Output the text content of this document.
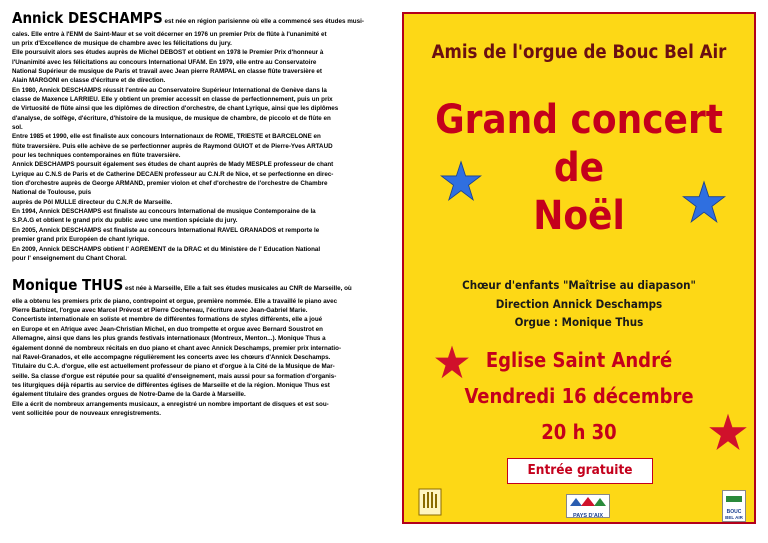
Annick DESCHAMPS est née en région parisienne où elle a commencé ses études musi-

cales. Elle entre à l'ENM de Saint-Maur et se voit décerner en 1976 un premier Prix de flûte à l'unanimité et
un prix d'Excellence de musique de chambre avec les félicitations du jury.
Elle poursuivit alors ses études auprès de Michel DEBOST et obtient en 1978 le Premier Prix d'honneur à
l'Unanimité avec les félicitations au concours International UFAM. En 1979, elle entre au Conservatoire
National Supérieur de musique de Paris et travail avec Jean pierre RAMPAL en classe flûte traversière et
Alain MARGONI en classe d'écriture et de direction.
En 1980, Annick DESCHAMPS réussit l'entrée au Conservatoire Supérieur International de Genève dans la
classe de Maxence LARRIEU. Elle y obtient un premier accessit en classe de perfectionnement, puis un prix
de Virtuosité de flûte ainsi que les diplômes de direction d'orchestre, de chant Lyrique, ainsi que les diplômes
d'analyse, de solfège, d'écriture, d'histoire de la musique, de musique de chambre, de piccolo et de flûte en
sol.
Entre 1985 et 1990, elle est finaliste aux concours Internationaux de ROME, TRIESTE et BARCELONE en
flûte traversière. Puis elle achève de se perfectionner auprès de Raymond GUIOT et de Pierre-Yves ARTAUD
pour les techniques contemporaines en flûte traversière.
Annick DESCHAMPS poursuit également ses études de chant auprès de Mady MESPLE professeur de chant
Lyrique au C.N.S de Paris et de Catherine DECAEN professeur au C.N.R de Nice, et se perfectionne en direc-
tion d'orchestre auprès de George ARMAND, premier violon et chef d'orchestre de l'orchestre de Chambre
National de Toulouse, puis
auprès de Pôl MULLE directeur du C.N.R de Marseille.
En 1994, Annick DESCHAMPS est finaliste au concours International de musique Contemporaine de la
S.P.A.G et obtient le grand prix du public avec une mention spéciale du jury.
En 2005, Annick DESCHAMPS est finaliste au concours International RAVEL GRANADOS et remporte le
premier grand prix Européen de chant lyrique.
En 2009, Annick DESCHAMPS obtient l' AGREMENT de la DRAC et du Ministère de l' Education National
pour l' enseignement du Chant Choral.

Monique THUS est née à Marseille, Elle a fait ses études musicales au CNR de Marseille, où

elle a obtenu les premiers prix de piano, contrepoint et orgue, première nommée. Elle a travaillé le piano avec
Pierre Barbizet, l'orgue avec Marcel Prévost et Pierre Cochereau, l'écriture avec Jean-Gabriel Marie.
Concertiste internationale en soliste et membre de différentes formations de styles différents, elle a joué
en Europe et en Afrique avec Jean-Christian Michel, en duo trompette et orgue avec Bernard Soustrot en
Allemagne, ainsi que dans les plus grands festivals internationaux (Montreux, Menton...). Monique Thus a
également donné de nombreux récitals en duo piano et chant avec Annick Deschamps, premier prix internatio-
nal Ravel-Granados, et elle accompagne régulièrement les concerts avec les chœurs d'Annick Deschamps.
Titulaire du C.A. d'orgue, elle est actuellement professeur de piano et d'orgue à la Cité de la Musique de Mar-
seille. Sa classe d'orgue est réputée pour sa qualité d'enseignement, mais aussi pour sa formation d'organis-
tes liturgiques déjà répartis au service de différentes églises de Marseille et de la région. Monique Thus est
également titulaire des grandes orgues de Notre-Dame de la Garde à Marseille.
Elle a écrit de nombreux arrangements musicaux, a enregistré un nombre important de disques et est sou-
vent sollicitée pour de nouveaux enregistrements.
Amis de l'orgue de Bouc Bel Air
Grand concert
de
Noël
Chœur d'enfants "Maîtrise au diapason"
Direction Annick Deschamps
Orgue : Monique Thus
Eglise Saint André
Vendredi 16 décembre
20 h 30
Entrée gratuite
PAYS D'AIX
BOUC
BEL AIR
